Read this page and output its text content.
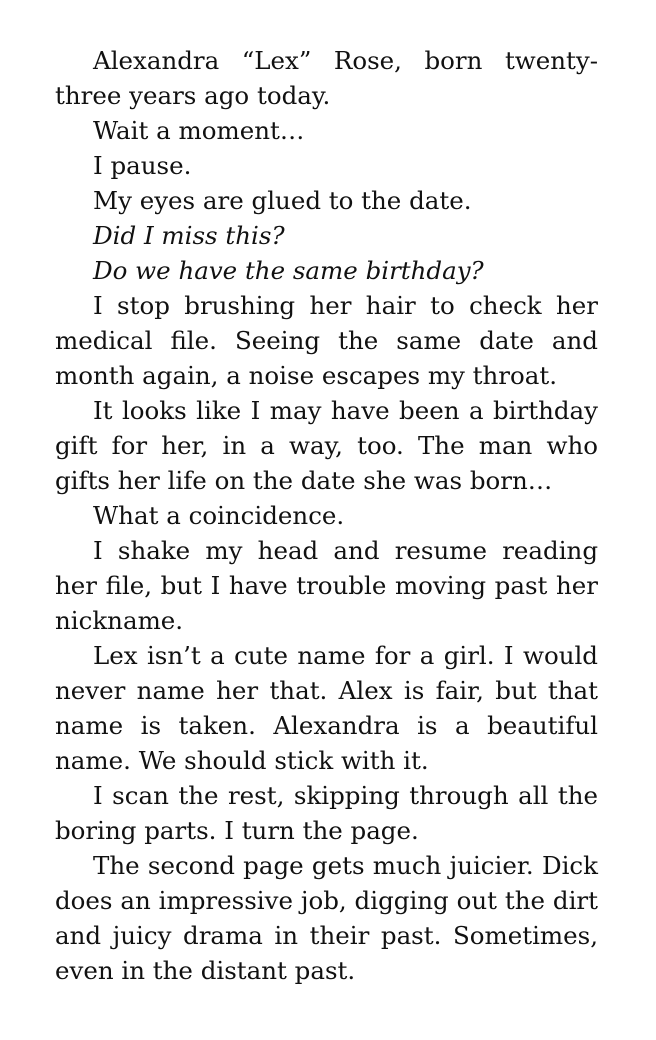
Alexandra “Lex” Rose, born twenty-three years ago today.

Wait a moment…

I pause.

My eyes are glued to the date.

Did I miss this?

Do we have the same birthday?

I stop brushing her hair to check her medical file. Seeing the same date and month again, a noise escapes my throat.

It looks like I may have been a birthday gift for her, in a way, too. The man who gifts her life on the date she was born…

What a coincidence.

I shake my head and resume reading her file, but I have trouble moving past her nickname.

Lex isn’t a cute name for a girl. I would never name her that. Alex is fair, but that name is taken. Alexandra is a beautiful name. We should stick with it.

I scan the rest, skipping through all the boring parts. I turn the page.

The second page gets much juicier. Dick does an impressive job, digging out the dirt and juicy drama in their past. Sometimes, even in the distant past.
